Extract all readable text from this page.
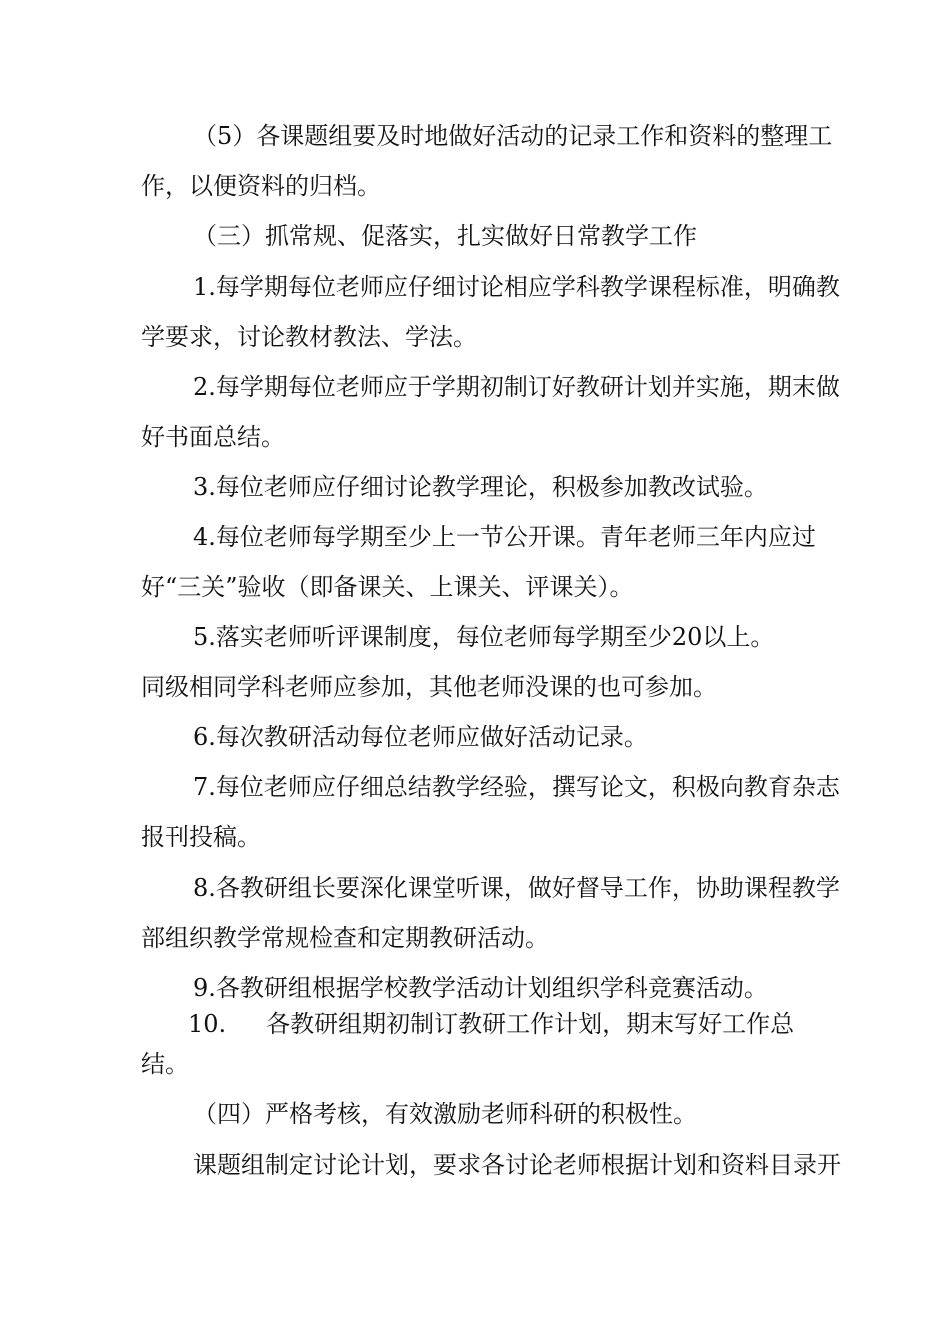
（5）各课题组要及时地做好活动的记录工作和资料的整理工
作，以便资料的归档。
（三）抓常规、促落实，扎实做好日常教学工作
1.每学期每位老师应仔细讨论相应学科教学课程标准，明确教
学要求，讨论教材教法、学法。
2.每学期每位老师应于学期初制订好教研计划并实施，期末做
好书面总结。
3.每位老师应仔细讨论教学理论，积极参加教改试验。
4.每位老师每学期至少上一节公开课。青年老师三年内应过
好“三关”验收（即备课关、上课关、评课关）。
5.落实老师听评课制度，每位老师每学期至少20以上。
同级相同学科老师应参加，其他老师没课的也可参加。
6.每次教研活动每位老师应做好活动记录。
7.每位老师应仔细总结教学经验，撰写论文，积极向教育杂志
报刊投稿。
8.各教研组长要深化课堂听课，做好督导工作，协助课程教学
部组织教学常规检查和定期教研活动。
9.各教研组根据学校教学活动计划组织学科竞赛活动。
10. 各教研组期初制订教研工作计划，期末写好工作总
结。
（四）严格考核，有效激励老师科研的积极性。
课题组制定讨论计划，要求各讨论老师根据计划和资料目录开
